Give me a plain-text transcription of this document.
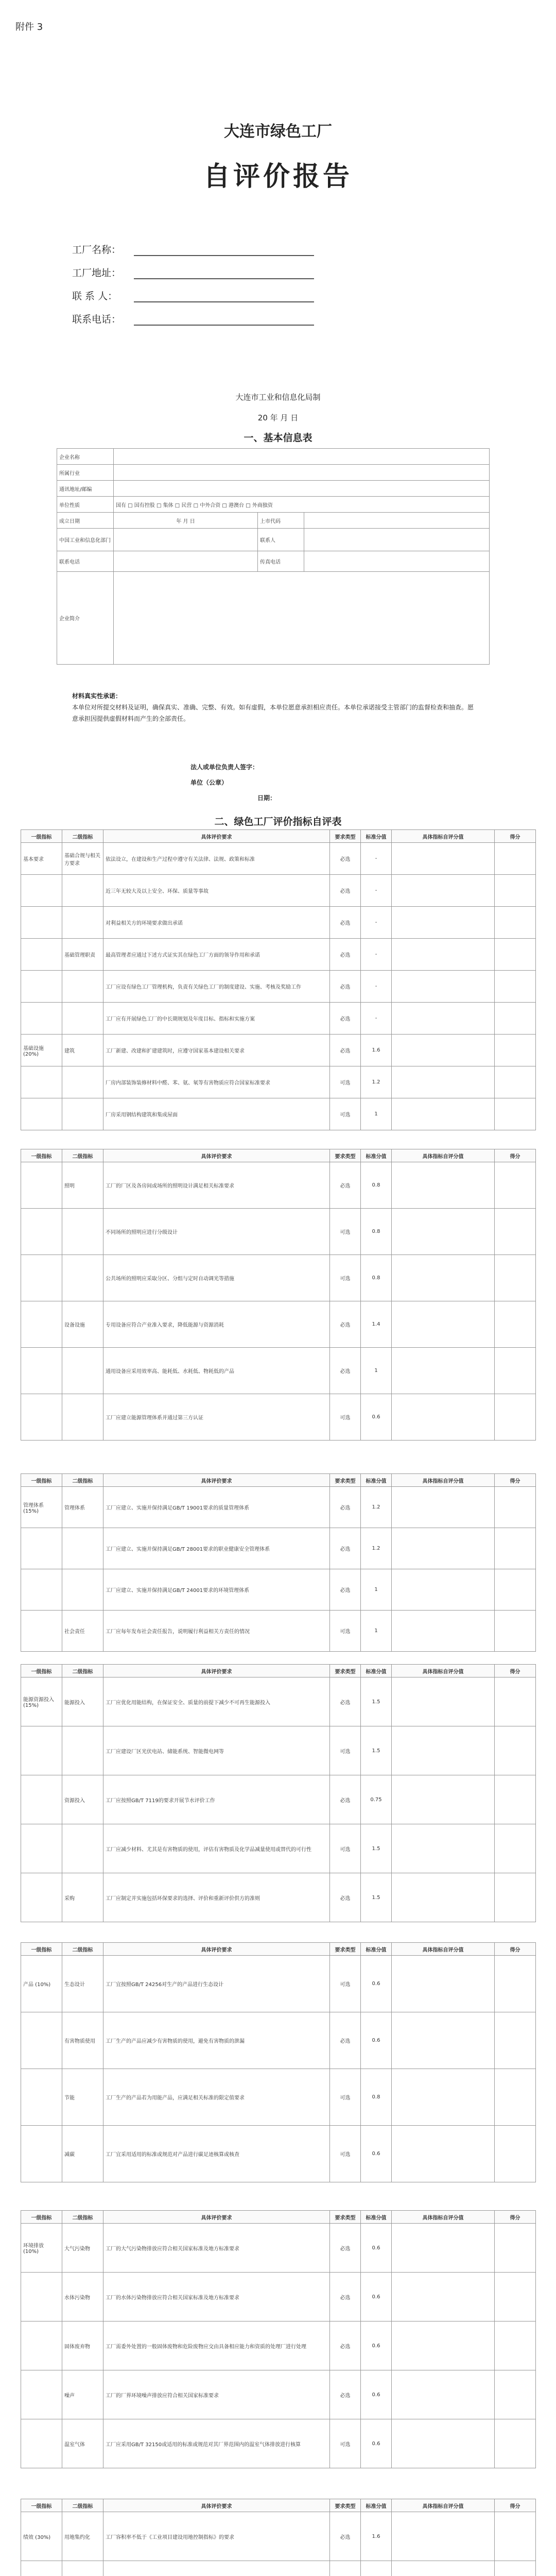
附件 3
大连市绿色工厂
自评价报告
工厂名称：
工厂地址：
联 系 人：
联系电话：
大连市工业和信息化局制
20 年 月 日
一、基本信息表
企业名称			
所属行业			
通讯地址/邮编			
单位性质	国有 □ 国有控股 □ 集体 □ 民营 □ 中外合资 □ 港澳台 □ 外商独资		
成立日期	年 月 日	上市代码	
中国工业和信息化部门		联系人	
联系电话		传真电话	
企业简介			
材料真实性承诺：
本单位对所提交材料及证明，确保真实、准确、完整、有效。如有虚假，本单位愿意承担相应责任。本单位承诺接受主管部门的监督检查和抽查。愿意承担因提供虚假材料而产生的全部责任。
法人或单位负责人签字：
单位（公章）
日期：
二、绿色工厂评价指标自评表
一级指标	二级指标	具体评价要求	要求类型	标准分值	具体指标自评分值	得分
基本要求	基础合规与相关方要求	依法设立，在建设和生产过程中遵守有关法律、法规、政策和标准	必选	-		
		近三年无较大及以上安全、环保、质量等事故	必选	-		
		对利益相关方的环境要求做出承诺	必选	-		
	基础管理职责	最高管理者应通过下述方式证实其在绿色工厂方面的领导作用和承诺	必选	-		
		工厂应设有绿色工厂管理机构，负责有关绿色工厂的制度建设、实施、考核及奖励工作	必选	-		
		工厂应有开展绿色工厂的中长期规划及年度目标、指标和实施方案	必选	-		
基础设施 (20%)	建筑	工厂新建、改建和扩建建筑时，应遵守国家基本建设相关要求	必选	1.6		
		厂房内部装饰装修材料中醛、苯、氨、氡等有害物质应符合国家标准要求	可选	1.2		
		厂房采用钢结构建筑和集成屋面	可选	1		
一级指标	二级指标	具体评价要求	要求类型	标准分值	具体指标自评分值	得分
	照明	工厂的厂区及各房间或场所的照明设计满足相关标准要求	必选	0.8		
		不同场所的照明应进行分级设计	可选	0.8		
		公共场所的照明应采取分区、分组与定时自动调光等措施	可选	0.8		
	设备设施	专用设备应符合产业准入要求，降低能源与资源消耗	必选	1.4		
		通用设备应采用效率高、能耗低、水耗低、物耗低的产品	必选	1		
		工厂应建立能源管理体系并通过第三方认证	可选	0.6		
一级指标	二级指标	具体评价要求	要求类型	标准分值	具体指标自评分值	得分
管理体系 (15%)	管理体系	工厂应建立、实施并保持满足GB/T 19001要求的质量管理体系	必选	1.2		
		工厂应建立、实施并保持满足GB/T 28001要求的职业健康安全管理体系	必选	1.2		
		工厂应建立、实施并保持满足GB/T 24001要求的环境管理体系	必选	1		
	社会责任	工厂应每年发布社会责任报告，说明履行利益相关方责任的情况	可选	1		
一级指标	二级指标	具体评价要求	要求类型	标准分值	具体指标自评分值	得分
能源资源投入 (15%)	能源投入	工厂应优化用能结构，在保证安全、质量的前提下减少不可再生能源投入	必选	1.5		
		工厂应建设厂区光伏电站、储能系统、智能微电网等	可选	1.5		
	资源投入	工厂应按照GB/T 7119的要求开展节水评价工作	必选	0.75		
		工厂应减少材料、尤其是有害物质的使用，评估有害物质及化学品减量使用或替代的可行性	可选	1.5		
	采购	工厂应制定并实施包括环保要求的选择、评价和重新评价供方的准则	必选	1.5		
一级指标	二级指标	具体评价要求	要求类型	标准分值	具体指标自评分值	得分
产品 (10%)	生态设计	工厂宜按照GB/T 24256对生产的产品进行生态设计	可选	0.6		
	有害物质使用	工厂生产的产品应减少有害物质的使用，避免有害物质的泄漏	必选	0.6		
	节能	工厂生产的产品若为用能产品，应满足相关标准的限定值要求	可选	0.8		
	减碳	工厂宜采用适用的标准或规范对产品进行碳足迹核算或核查	可选	0.6		
一级指标	二级指标	具体评价要求	要求类型	标准分值	具体指标自评分值	得分
环境排放 (10%)	大气污染物	工厂的大气污染物排放应符合相关国家标准及地方标准要求	必选	0.6		
	水体污染物	工厂的水体污染物排放应符合相关国家标准及地方标准要求	必选	0.6		
	固体废弃物	工厂需委外处置的一般固体废物和危险废物应交由具备相应能力和资质的处理厂进行处理	必选	0.6		
	噪声	工厂的厂界环境噪声排放应符合相关国家标准要求	必选	0.6		
	温室气体	工厂应采用GB/T 32150或适用的标准或规范对其厂界范围内的温室气体排放进行核算	可选	0.6		
一级指标	二级指标	具体评价要求	要求类型	标准分值	具体指标自评分值	得分
绩效 (30%)	用地集约化	工厂容积率不低于《工业项目建设用地控制指标》的要求	必选	1.6		
